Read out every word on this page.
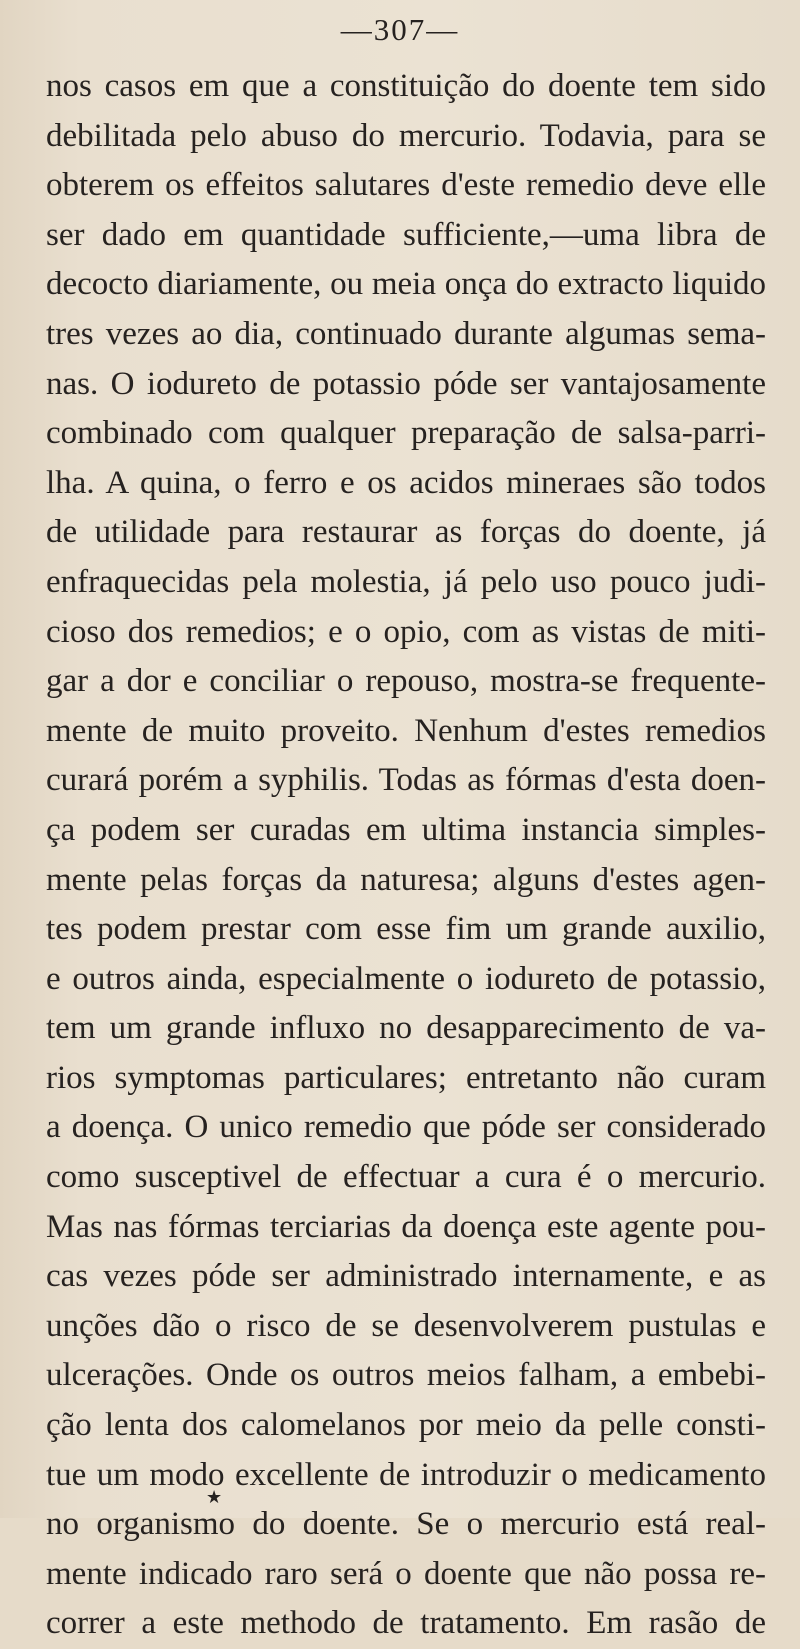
—307—
nos casos em que a constituição do doente tem sido
debilitada pelo abuso do mercurio. Todavia, para se
obterem os effeitos salutares d'este remedio deve elle
ser dado em quantidade sufficiente,—uma libra de
decocto diariamente, ou meia onça do extracto liquido
tres vezes ao dia, continuado durante algumas sema-
nas. O iodureto de potassio póde ser vantajosamente
combinado com qualquer preparação de salsa-parri-
lha. A quina, o ferro e os acidos mineraes são todos
de utilidade para restaurar as forças do doente, já
enfraquecidas pela molestia, já pelo uso pouco judi-
cioso dos remedios; e o opio, com as vistas de miti-
gar a dor e conciliar o repouso, mostra-se frequente-
mente de muito proveito. Nenhum d'estes remedios
curará porém a syphilis. Todas as fórmas d'esta doen-
ça podem ser curadas em ultima instancia simples-
mente pelas forças da naturesa; alguns d'estes agen-
tes podem prestar com esse fim um grande auxilio,
e outros ainda, especialmente o iodureto de potassio,
tem um grande influxo no desapparecimento de va-
rios symptomas particulares; entretanto não curam
a doença. O unico remedio que póde ser considerado
como susceptivel de effectuar a cura é o mercurio.
Mas nas fórmas terciarias da doença este agente pou-
cas vezes póde ser administrado internamente, e as
unções dão o risco de se desenvolverem pustulas e
ulcerações. Onde os outros meios falham, a embebi-
ção lenta dos calomelanos por meio da pelle consti-
tue um modo excellente de introduzir o medicamento
no organismo do doente. Se o mercurio está real-
mente indicado raro será o doente que não possa re-
correr a este methodo de tratamento. Em rasão de
★
